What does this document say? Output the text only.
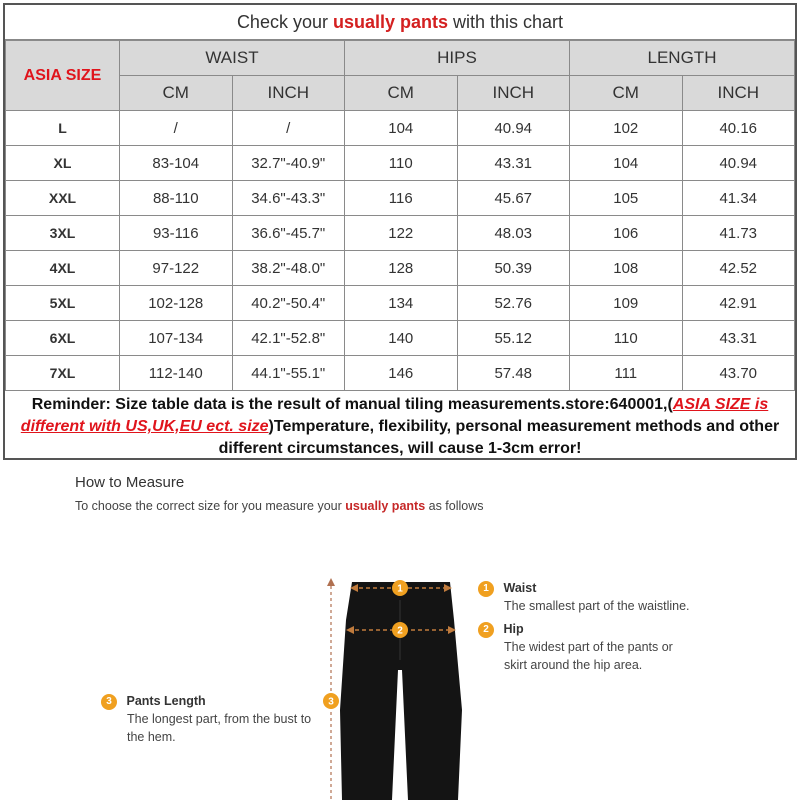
Check your usually pants with this chart
ASIA SIZE	WAIST		HIPS		LENGTH	
	CM	INCH	CM	INCH	CM	INCH
L	/	/	104	40.94	102	40.16
XL	83-104	32.7"-40.9"	110	43.31	104	40.94
XXL	88-110	34.6"-43.3"	116	45.67	105	41.34
3XL	93-116	36.6"-45.7"	122	48.03	106	41.73
4XL	97-122	38.2"-48.0"	128	50.39	108	42.52
5XL	102-128	40.2"-50.4"	134	52.76	109	42.91
6XL	107-134	42.1"-52.8"	140	55.12	110	43.31
7XL	112-140	44.1"-55.1"	146	57.48	111	43.70
Reminder: Size table data is the result of manual tiling measurements.store:640001,(ASIA SIZE is different with US,UK,EU ect. size)Temperature, flexibility, personal measurement methods and other different circumstances, will cause 1-3cm error!
How to Measure
To choose the correct size for you measure your usually pants as follows
1
2
3
1 Waist
The smallest part of the waistline.
2 Hip
The widest part of the pants or
skirt around the hip area.
3 Pants Length
The longest part, from the bust to
the hem.
